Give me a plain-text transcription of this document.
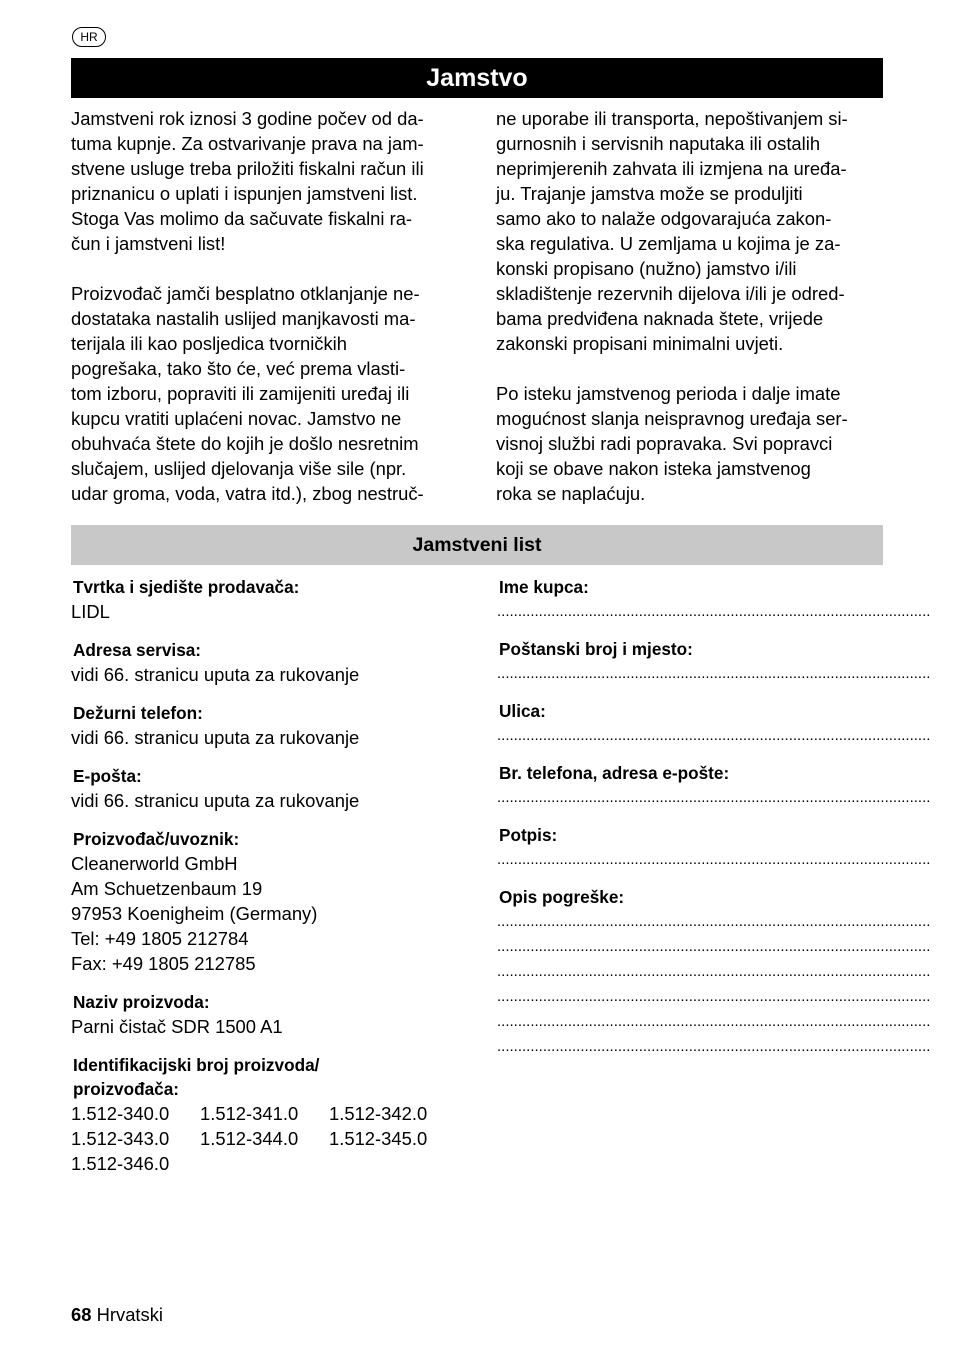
HR
Jamstvo

Jamstveni rok iznosi 3 godine počev od da-
tuma kupnje. Za ostvarivanje prava na jam-
stvene usluge treba priložiti fiskalni račun ili
priznanicu o uplati i ispunjen jamstveni list.
Stoga Vas molimo da sačuvate fiskalni ra-
čun i jamstveni list!

Proizvođač jamči besplatno otklanjanje ne-
dostataka nastalih uslijed manjkavosti ma-
terijala ili kao posljedica tvorničkih
pogrešaka, tako što će, već prema vlasti-
tom izboru, popraviti ili zamijeniti uređaj ili
kupcu vratiti uplaćeni novac. Jamstvo ne
obuhvaća štete do kojih je došlo nesretnim
slučajem, uslijed djelovanja više sile (npr.
udar groma, voda, vatra itd.), zbog nestruč-

ne uporabe ili transporta, nepoštivanjem si-
gurnosnih i servisnih naputaka ili ostalih
neprimjerenih zahvata ili izmjena na uređa-
ju. Trajanje jamstva može se produljiti
samo ako to nalaže odgovarajuća zakon-
ska regulativa. U zemljama u kojima je za-
konski propisano (nužno) jamstvo i/ili
skladištenje rezervnih dijelova i/ili je odred-
bama predviđena naknada štete, vrijede
zakonski propisani minimalni uvjeti.

Po isteku jamstvenog perioda i dalje imate
mogućnost slanja neispravnog uređaja ser-
visnoj službi radi popravaka. Svi popravci
koji se obave nakon isteka jamstvenog
roka se naplaćuju.

Jamstveni list
Tvrtka i sjedište prodavača:
LIDL
Adresa servisa:
vidi 66. stranicu uputa za rukovanje
Dežurni telefon:
vidi 66. stranicu uputa za rukovanje
E-pošta:
vidi 66. stranicu uputa za rukovanje
Proizvođač/uvoznik:
Cleanerworld GmbH
Am Schuetzenbaum 19
97953 Koenigheim (Germany)
Tel: +49 1805 212784
Fax: +49 1805 212785
Naziv proizvoda:
Parni čistač SDR 1500 A1
Identifikacijski broj proizvoda/
proizvođača:
1.512-340.0	1.512-341.0	1.512-342.0
1.512-343.0	1.512-344.0	1.512-345.0
1.512-346.0
Ime kupca:
........................................................................................................
Poštanski broj i mjesto:
........................................................................................................
Ulica:
........................................................................................................
Br. telefona, adresa e-pošte:
........................................................................................................
Potpis:
........................................................................................................
Opis pogreške:
........................................................................................................
........................................................................................................
........................................................................................................
........................................................................................................
........................................................................................................
........................................................................................................
68 Hrvatski
